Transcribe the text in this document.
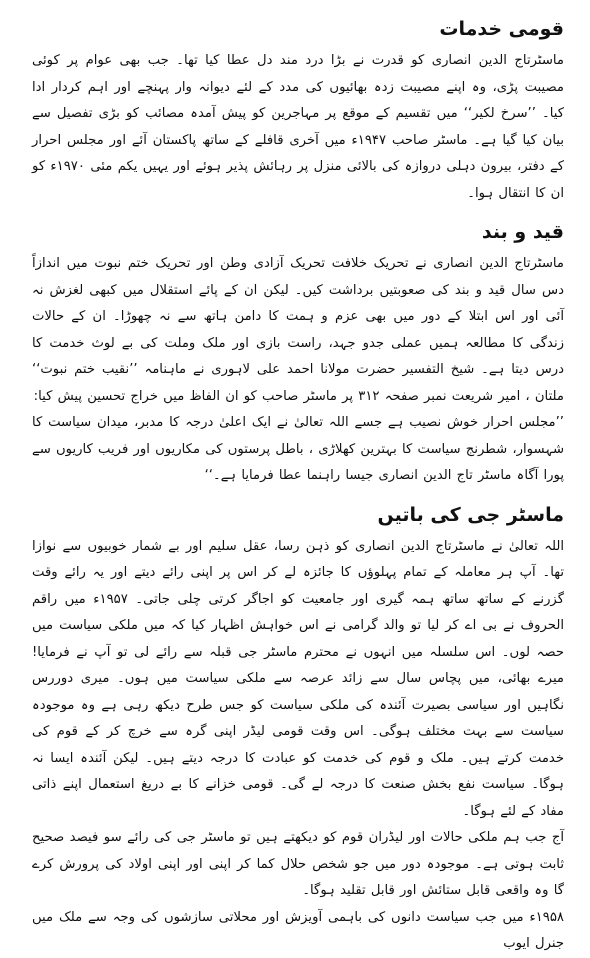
قومی خدمات

ماسٹرتاج الدین انصاری کو قدرت نے بڑا درد مند دل عطا کیا تھا۔ جب بھی عوام پر کوئی مصیبت پڑی، وہ اپنے مصیبت زدہ بھائیوں کی مدد کے لئے دیوانہ وار پہنچے اور اہم کردار ادا کیا۔ ’’سرخ لکیر‘‘ میں تقسیم کے موقع پر مہاجرین کو پیش آمدہ مصائب کو بڑی تفصیل سے بیان کیا گیا ہے۔ ماسٹر صاحب ۱۹۴۷ء میں آخری قافلے کے ساتھ پاکستان آئے اور مجلس احرار کے دفتر، بیرون دہلی دروازہ کی بالائی منزل پر رہائش پذیر ہوئے اور یہیں یکم مئی ۱۹۷۰ء کو ان کا انتقال ہوا۔

قید و بند

ماسٹرتاج الدین انصاری نے تحریک خلافت تحریک آزادی وطن اور تحریک ختم نبوت میں اندازاً دس سال قید و بند کی صعوبتیں برداشت کیں۔ لیکن ان کے پائے استقلال میں کبھی لغزش نہ آئی اور اس ابتلا کے دور میں بھی عزم و ہمت کا دامن ہاتھ سے نہ چھوڑا۔ ان کے حالات زندگی کا مطالعہ ہمیں عملی جدو جہد، راست بازی اور ملک وملت کی بے لوث خدمت کا درس دیتا ہے۔ شیخ التفسیر حضرت مولانا احمد علی لاہوری نے ماہنامہ ’’نقیب ختم نبوت‘‘ ملتان ، امیر شریعت نمبر صفحہ ۳۱۲ پر ماسٹر صاحب کو ان الفاظ میں خراج تحسین پیش کیا:

’’مجلس احرار خوش نصیب ہے جسے اللہ تعالیٰ نے ایک اعلیٰ درجہ کا مدبر، میدان سیاست کا شہسوار، شطرنج سیاست کا بہترین کھلاڑی ، باطل پرستوں کی مکاریوں اور فریب کاریوں سے پورا آگاہ ماسٹر تاج الدین انصاری جیسا راہنما عطا فرمایا ہے۔‘‘

ماسٹر جی کی باتیں

اللہ تعالیٰ نے ماسٹرتاج الدین انصاری کو ذہن رسا، عقل سلیم اور بے شمار خوبیوں سے نوازا تھا۔ آپ ہر معاملہ کے تمام پہلوؤں کا جائزہ لے کر اس پر اپنی رائے دیتے اور یہ رائے وقت گزرنے کے ساتھ ساتھ ہمہ گیری اور جامعیت کو اجاگر کرتی چلی جاتی۔ ۱۹۵۷ء میں راقم الحروف نے بی اے کر لیا تو والد گرامی نے اس خواہش اظہار کیا کہ میں ملکی سیاست میں حصہ لوں۔ اس سلسلہ میں انہوں نے محترم ماسٹر جی قبلہ سے رائے لی تو آپ نے فرمایا! میرے بھائی، میں پچاس سال سے زائد عرصہ سے ملکی سیاست میں ہوں۔ میری دوررس نگاہیں اور سیاسی بصیرت آئندہ کی ملکی سیاست کو جس طرح دیکھ رہی ہے وہ موجودہ سیاست سے بہت مختلف ہوگی۔ اس وقت قومی لیڈر اپنی گرہ سے خرچ کر کے قوم کی خدمت کرتے ہیں۔ ملک و قوم کی خدمت کو عبادت کا درجہ دیتے ہیں۔ لیکن آئندہ ایسا نہ ہوگا۔ سیاست نفع بخش صنعت کا درجہ لے گی۔ قومی خزانے کا بے دریغ استعمال اپنے ذاتی مفاد کے لئے ہوگا۔

آج جب ہم ملکی حالات اور لیڈران قوم کو دیکھتے ہیں تو ماسٹر جی کی رائے سو فیصد صحیح ثابت ہوتی ہے۔ موجودہ دور میں جو شخص حلال کما کر اپنی اور اپنی اولاد کی پرورش کرے گا وہ واقعی قابل ستائش اور قابل تقلید ہوگا۔

۱۹۵۸ء میں جب سیاست دانوں کی باہمی آویزش اور محلاتی سازشوں کی وجہ سے ملک میں جنرل ایوب
